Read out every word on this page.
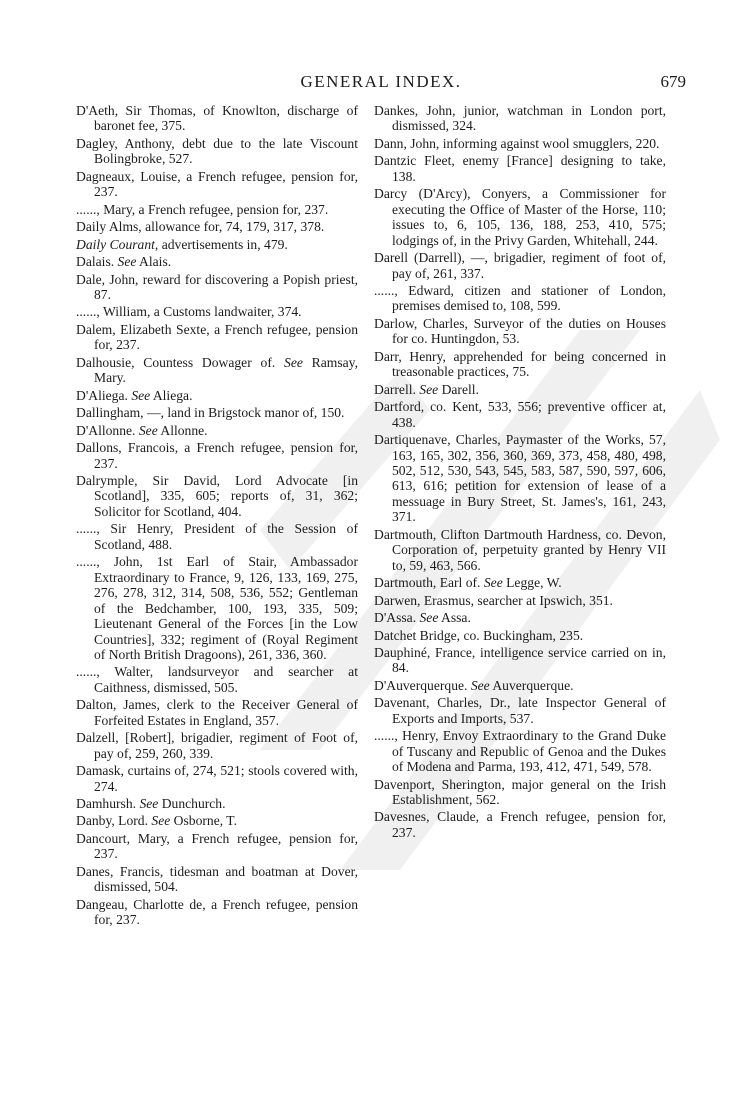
GENERAL INDEX.	679

D'Aeth, Sir Thomas, of Knowlton, discharge of baronet fee, 375.

Dagley, Anthony, debt due to the late Viscount Bolingbroke, 527.

Dagneaux, Louise, a French refugee, pension for, 237.

......, Mary, a French refugee, pension for, 237.

Daily Alms, allowance for, 74, 179, 317, 378.

Daily Courant, advertisements in, 479.

Dalais. See Alais.

Dale, John, reward for discovering a Popish priest, 87.

......, William, a Customs landwaiter, 374.

Dalem, Elizabeth Sexte, a French refugee, pension for, 237.

Dalhousie, Countess Dowager of. See Ramsay, Mary.

D'Aliega. See Aliega.

Dallingham, —, land in Brigstock manor of, 150.

D'Allonne. See Allonne.

Dallons, Francois, a French refugee, pension for, 237.

Dalrymple, Sir David, Lord Advocate [in Scotland], 335, 605; reports of, 31, 362; Solicitor for Scotland, 404.

......, Sir Henry, President of the Session of Scotland, 488.

......, John, 1st Earl of Stair, Ambassador Extraordinary to France, 9, 126, 133, 169, 275, 276, 278, 312, 314, 508, 536, 552; Gentleman of the Bedchamber, 100, 193, 335, 509; Lieutenant General of the Forces [in the Low Countries], 332; regiment of (Royal Regiment of North British Dragoons), 261, 336, 360.

......, Walter, landsurveyor and searcher at Caithness, dismissed, 505.

Dalton, James, clerk to the Receiver General of Forfeited Estates in England, 357.

Dalzell, [Robert], brigadier, regiment of Foot of, pay of, 259, 260, 339.

Damask, curtains of, 274, 521; stools covered with, 274.

Damhursh. See Dunchurch.

Danby, Lord. See Osborne, T.

Dancourt, Mary, a French refugee, pension for, 237.

Danes, Francis, tidesman and boatman at Dover, dismissed, 504.

Dangeau, Charlotte de, a French refugee, pension for, 237.

Dankes, John, junior, watchman in London port, dismissed, 324.

Dann, John, informing against wool smugglers, 220.

Dantzic Fleet, enemy [France] designing to take, 138.

Darcy (D'Arcy), Conyers, a Commissioner for executing the Office of Master of the Horse, 110; issues to, 6, 105, 136, 188, 253, 410, 575; lodgings of, in the Privy Garden, Whitehall, 244.

Darell (Darrell), —, brigadier, regiment of foot of, pay of, 261, 337.

......, Edward, citizen and stationer of London, premises demised to, 108, 599.

Darlow, Charles, Surveyor of the duties on Houses for co. Huntingdon, 53.

Darr, Henry, apprehended for being concerned in treasonable practices, 75.

Darrell. See Darell.

Dartford, co. Kent, 533, 556; preventive officer at, 438.

Dartiquenave, Charles, Paymaster of the Works, 57, 163, 165, 302, 356, 360, 369, 373, 458, 480, 498, 502, 512, 530, 543, 545, 583, 587, 590, 597, 606, 613, 616; petition for extension of lease of a messuage in Bury Street, St. James's, 161, 243, 371.

Dartmouth, Clifton Dartmouth Hardness, co. Devon, Corporation of, perpetuity granted by Henry VII to, 59, 463, 566.

Dartmouth, Earl of. See Legge, W.

Darwen, Erasmus, searcher at Ipswich, 351.

D'Assa. See Assa.

Datchet Bridge, co. Buckingham, 235.

Dauphiné, France, intelligence service carried on in, 84.

D'Auverquerque. See Auverquerque.

Davenant, Charles, Dr., late Inspector General of Exports and Imports, 537.

......, Henry, Envoy Extraordinary to the Grand Duke of Tuscany and Republic of Genoa and the Dukes of Modena and Parma, 193, 412, 471, 549, 578.

Davenport, Sherington, major general on the Irish Establishment, 562.

Davesnes, Claude, a French refugee, pension for, 237.
